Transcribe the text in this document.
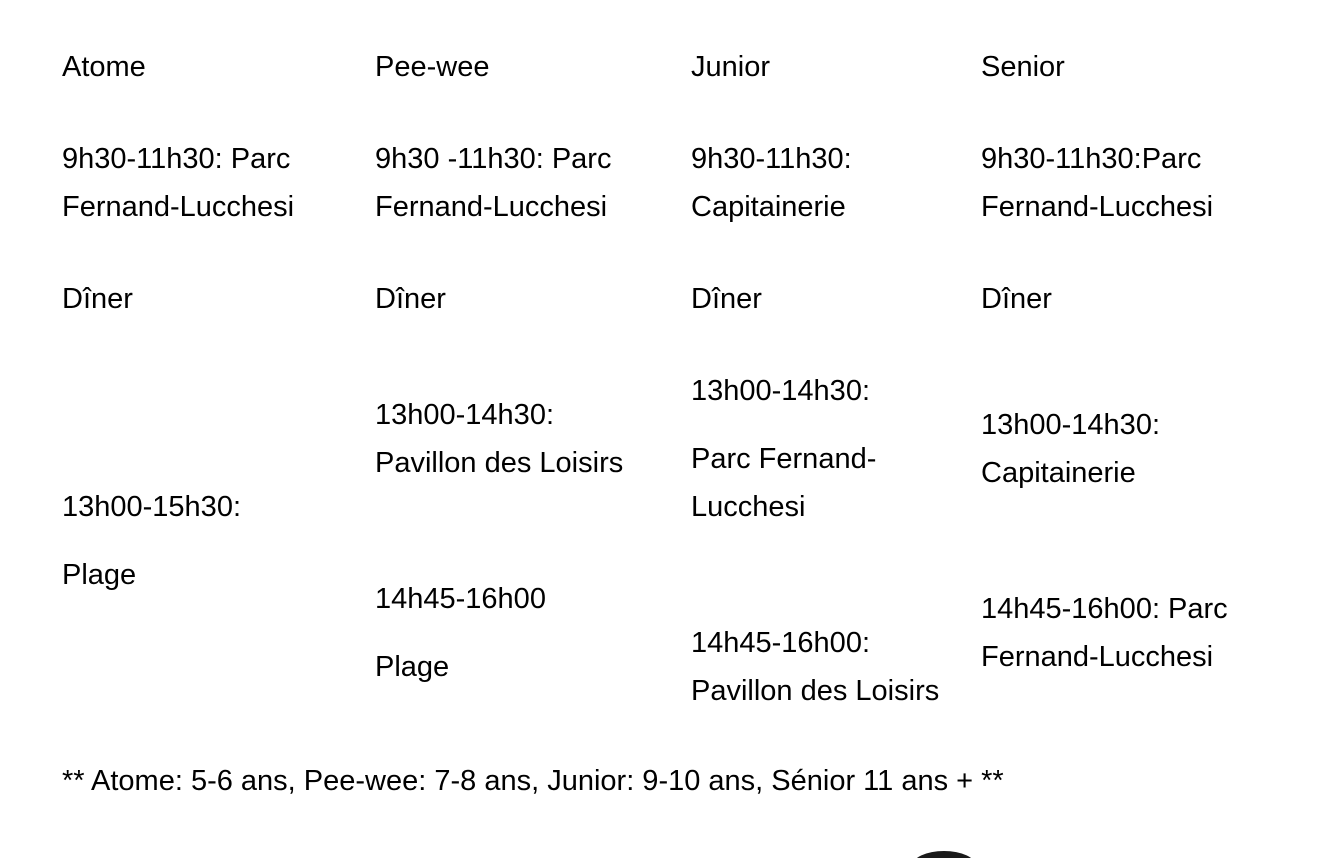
Atome
9h30-11h30: Parc
Fernand-Lucchesi
Dîner
13h00-15h30:
Plage
Pee-wee
9h30 -11h30: Parc
Fernand-Lucchesi
Dîner
13h00-14h30:
Pavillon des Loisirs
14h45-16h00
Plage
Junior
9h30-11h30:
Capitainerie
Dîner
13h00-14h30:
Parc Fernand-
Lucchesi
14h45-16h00:
Pavillon des Loisirs
Senior
9h30-11h30:Parc
Fernand-Lucchesi
Dîner
13h00-14h30:
Capitainerie
14h45-16h00: Parc
Fernand-Lucchesi
** Atome: 5-6 ans, Pee-wee: 7-8 ans, Junior: 9-10 ans, Sénior 11 ans + **
